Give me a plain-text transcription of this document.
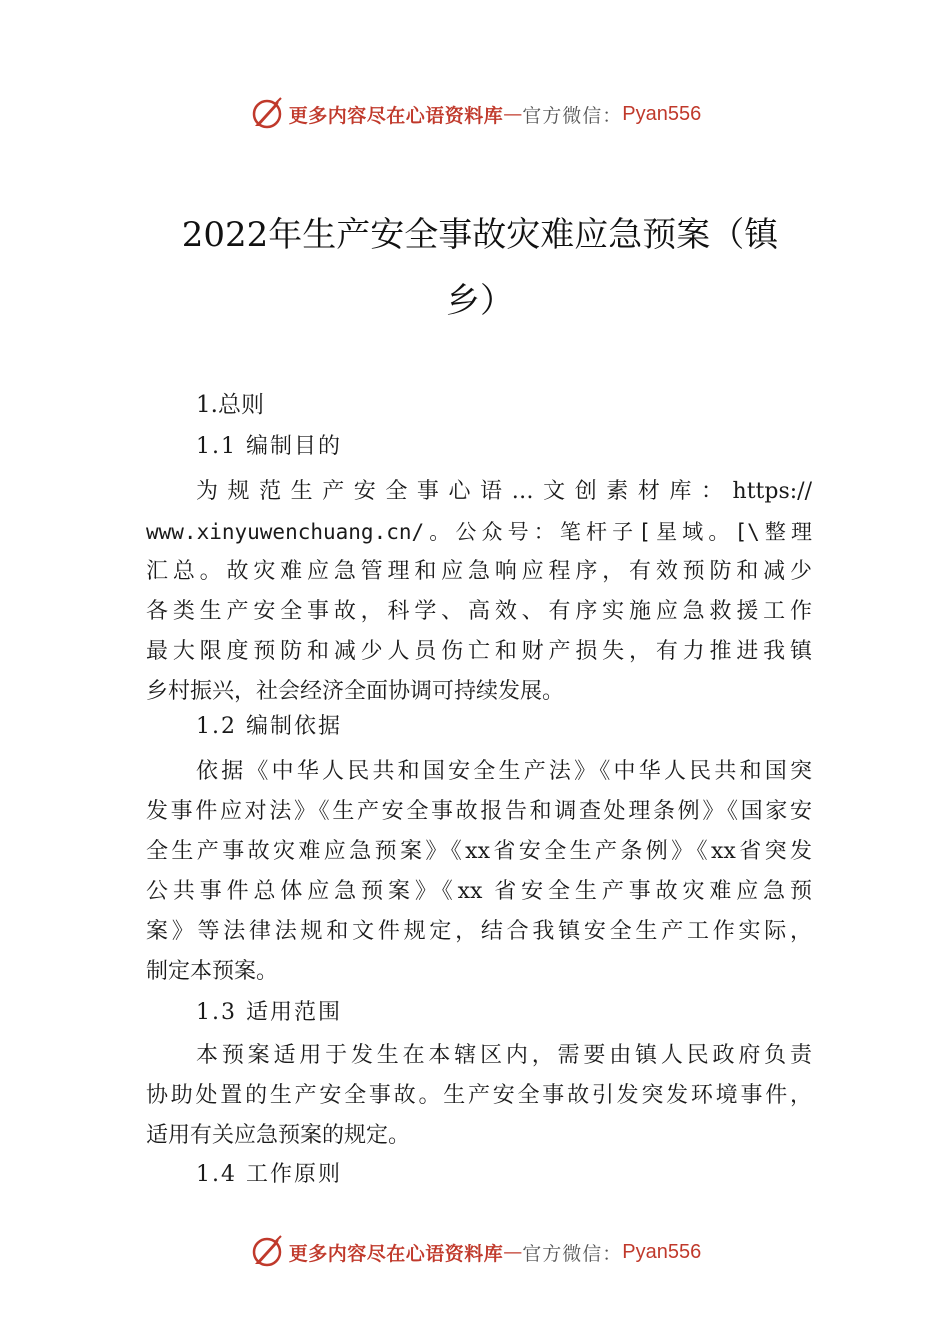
更多内容尽在心语资料库 — 官方微信： Pyan556
2022年生产安全事故灾难应急预案（镇
乡）
1.总则
1.1 编制目的
为规范生产安全事心语…文创素材库：https://
www.xinyuwenchuang.cn/。公众号：笔杆子[星域。[\整理
汇总。故灾难应急管理和应急响应程序，有效预防和减少
各类生产安全事故，科学、高效、有序实施应急救援工作
最大限度预防和减少人员伤亡和财产损失，有力推进我镇
乡村振兴，社会经济全面协调可持续发展。
1.2 编制依据
依据《中华人民共和国安全生产法》《中华人民共和国突
发事件应对法》《生产安全事故报告和调查处理条例》《国家安
全生产事故灾难应急预案》《xx省安全生产条例》《xx省突发
公共事件总体应急预案》《xx 省安全生产事故灾难应急预
案》等法律法规和文件规定，结合我镇安全生产工作实际，
制定本预案。
1.3 适用范围
本预案适用于发生在本辖区内，需要由镇人民政府负责
协助处置的生产安全事故。生产安全事故引发突发环境事件，
适用有关应急预案的规定。
1.4 工作原则
更多内容尽在心语资料库 — 官方微信： Pyan556
